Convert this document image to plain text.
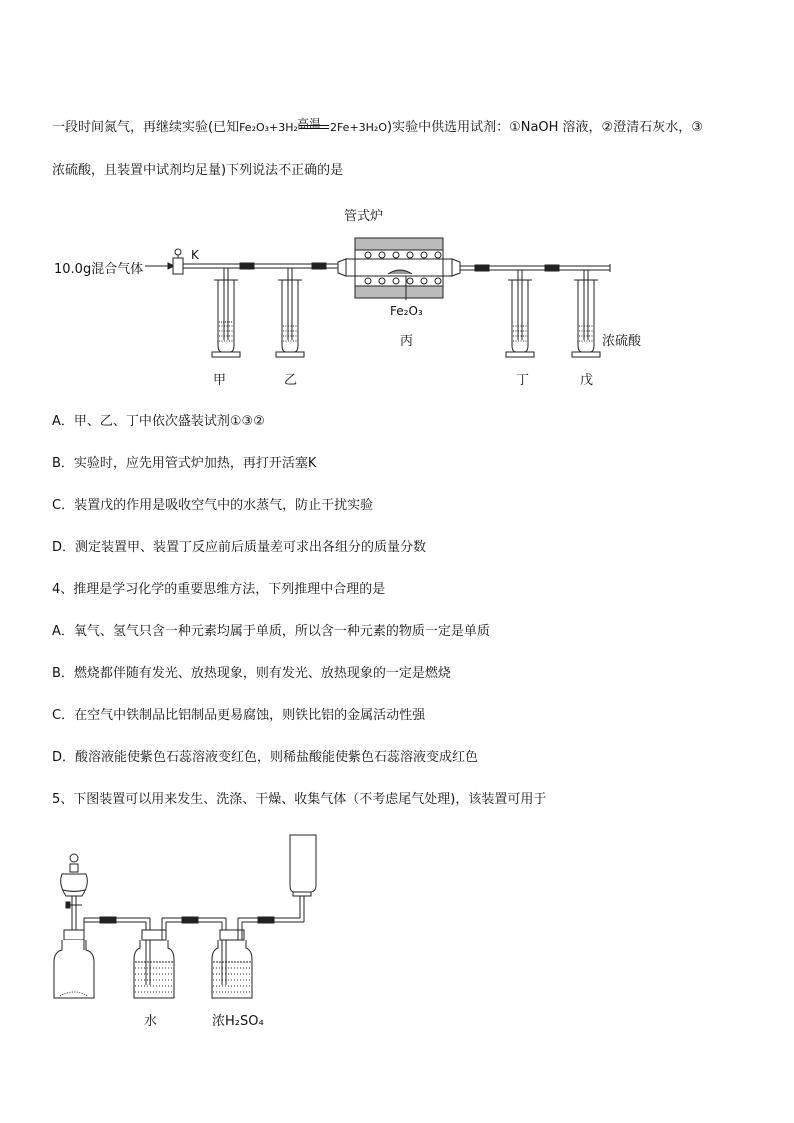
一段时间氮气，再继续实验(已知Fe₂O₃+3H₂ 高温 2Fe+3H₂O)实验中供选用试剂：①NaOH 溶液，②澄清石灰水，③
浓硫酸，且装置中试剂均足量)下列说法不正确的是
管式炉
10.0g混合气体
K
Fe₂O₃
丙	浓硫酸
甲	乙	丁	戊
A．甲、乙、丁中依次盛装试剂①③②
B．实验时，应先用管式炉加热，再打开活塞K
C．装置戊的作用是吸收空气中的水蒸气，防止干扰实验
D．测定装置甲、装置丁反应前后质量差可求出各组分的质量分数
4、推理是学习化学的重要思维方法，下列推理中合理的是
A．氧气、氢气只含一种元素均属于单质，所以含一种元素的物质一定是单质
B．燃烧都伴随有发光、放热现象，则有发光、放热现象的一定是燃烧
C．在空气中铁制品比铝制品更易腐蚀，则铁比铝的金属活动性强
D．酸溶液能使紫色石蕊溶液变红色，则稀盐酸能使紫色石蕊溶液变成红色
5、下图装置可以用来发生、洗涤、干燥、收集气体（不考虑尾气处理)，该装置可用于
水	浓H₂SO₄
